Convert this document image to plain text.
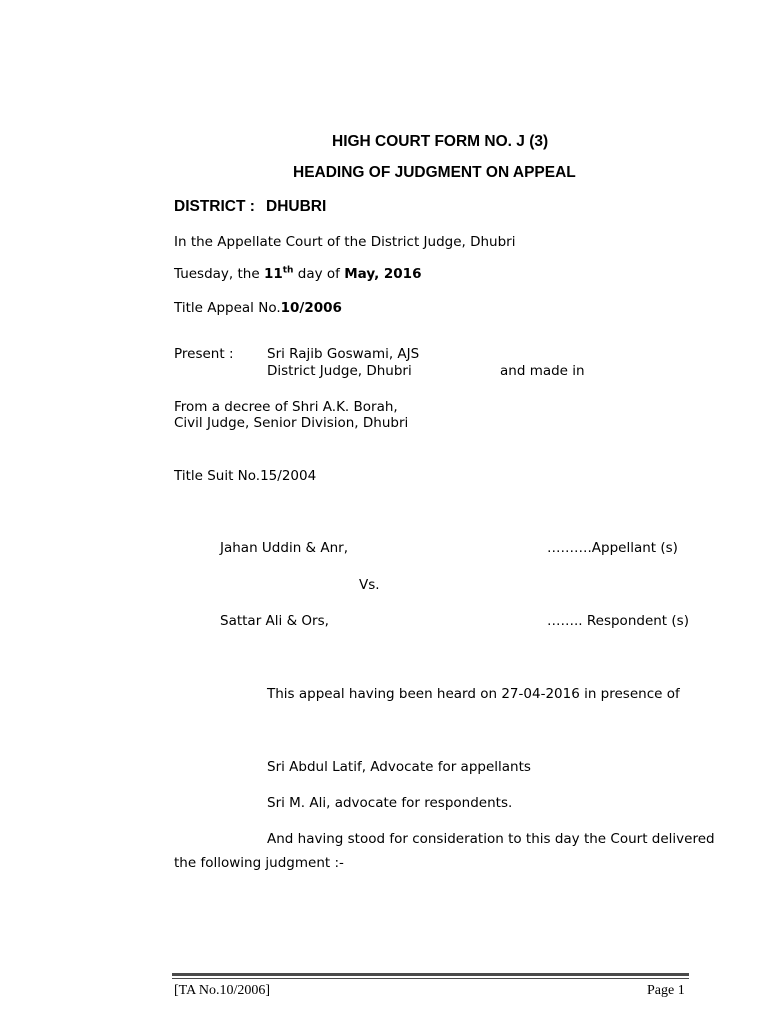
HIGH COURT FORM NO. J (3)
HEADING OF JUDGMENT ON APPEAL
DISTRICT : DHUBRI
In the Appellate Court of the District Judge, Dhubri
Tuesday, the 11th day of May, 2016
Title Appeal No.10/2006
Present : Sri Rajib Goswami, AJS
District Judge, Dhubri	and made in
From a decree of Shri A.K. Borah,
Civil Judge, Senior Division, Dhubri
Title Suit No.15/2004
Jahan Uddin & Anr,	……….Appellant (s)
Vs.
Sattar Ali & Ors,	…….. Respondent (s)
This appeal having been heard on 27-04-2016 in presence of
Sri Abdul Latif, Advocate for appellants
Sri M. Ali, advocate for respondents.
And having stood for consideration to this day the Court delivered
the following judgment :-
[TA No.10/2006]	Page 1
